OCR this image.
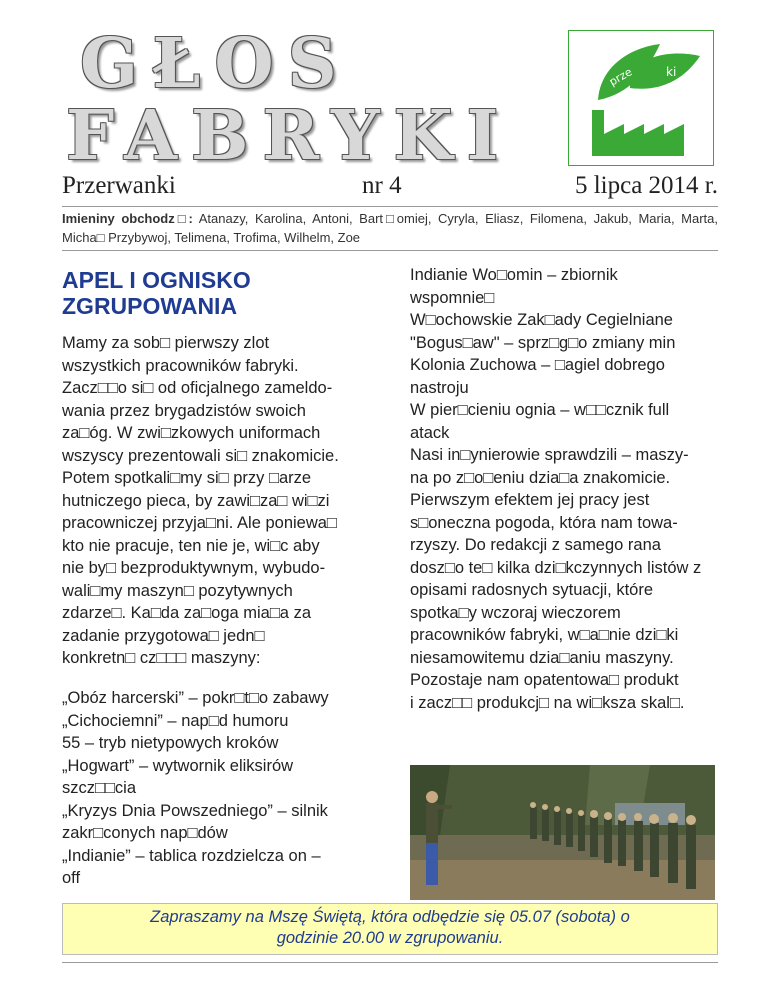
GŁOS
FABRYKI
prze
wan
ki
Przerwanki	nr 4	5 lipca 2014 r.
Imieniny obchodz□: Atanazy, Karolina, Antoni, Bart□omiej, Cyryla, Eliasz, Filomena, Jakub, Maria, Marta, Micha□ Przybywoj, Telimena, Trofima, Wilhelm, Zoe
APEL I OGNISKO
ZGRUPOWANIA

Mamy za sob□ pierwszy zlot

wszystkich pracowników fabryki.

Zacz□□o si□ od oficjalnego zameldo-

wania przez brygadzistów swoich

za□óg. W zwi□zkowych uniformach

wszyscy prezentowali si□ znakomicie.

Potem spotkali□my si□ przy □arze

hutniczego pieca, by zawi□za□ wi□zi

pracowniczej przyja□ni. Ale poniewa□

kto nie pracuje, ten nie je, wi□c aby

nie by□ bezproduktywnym, wybudo-

wali□my maszyn□ pozytywnych

zdarze□. Ka□da za□oga mia□a za

zadanie przygotowa□ jedn□

konkretn□ cz□□□ maszyny:

„Obóz harcerski” – pokr□t□o zabawy

„Cichociemni” – nap□d humoru

55 – tryb nietypowych kroków

„Hogwart” – wytwornik eliksirów

szcz□□cia

„Kryzys Dnia Powszedniego” – silnik

zakr□conych nap□dów

„Indianie” – tablica rozdzielcza on –

off

Indianie Wo□omin – zbiornik

wspomnie□

W□ochowskie Zak□ady Cegielniane

"Bogus□aw" – sprz□g□o zmiany min

Kolonia Zuchowa – □agiel dobrego

nastroju

W pier□cieniu ognia – w□□cznik full

atack

Nasi in□ynierowie sprawdzili – maszy-

na po z□o□eniu dzia□a znakomicie.

Pierwszym efektem jej pracy jest

s□oneczna pogoda, która nam towa-

rzyszy. Do redakcji z samego rana

dosz□o te□ kilka dzi□kczynnych listów z

opisami radosnych sytuacji, które

spotka□y wczoraj wieczorem

pracowników fabryki, w□a□nie dzi□ki

niesamowitemu dzia□aniu maszyny.

Pozostaje nam opatentowa□ produkt

i zacz□□ produkcj□ na wi□ksza skal□.

Zapraszamy na Mszę Świętą, która odbędzie się 05.07 (sobota) o
godzinie 20.00 w zgrupowaniu.
